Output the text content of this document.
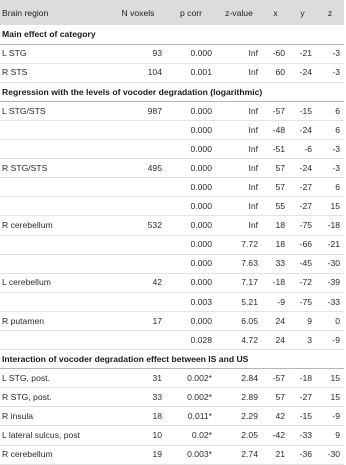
Brain region	N voxels	p corr	z-value	x	y	z
Main effect of category						
L STG	93	0.000	Inf	-60	-21	-3
R STS	104	0.001	Inf	60	-24	-3
Regression with the levels of vocoder degradation (logarithmic)						
L STG/STS	987	0.000	Inf	-57	-15	6
		0.000	Inf	-48	-24	6
		0.000	Inf	-51	-6	-3
R STG/STS	495	0.000	Inf	57	-24	-3
		0.000	Inf	57	-27	6
		0.000	Inf	55	-27	15
R cerebellum	532	0.000	Inf	18	-75	-18
		0.000	7.72	18	-66	-21
		0.000	7.63	33	-45	-30
L cerebellum	42	0.000	7.17	-18	-72	-39
		0.003	5.21	-9	-75	-33
R putamen	17	0.000	6.05	24	9	0
		0.028	4.72	24	3	-9
Interaction of vocoder degradation effect between IS and US						
L STG, post.	31	0.002*	2.84	-57	-18	15
R STG, post.	33	0.002*	2.89	57	-27	15
R insula	18	0.011*	2.29	42	-15	-9
L lateral sulcus, post	10	0.02*	2.05	-42	-33	9
R cerebellum	19	0.003*	2.74	21	-36	-30
